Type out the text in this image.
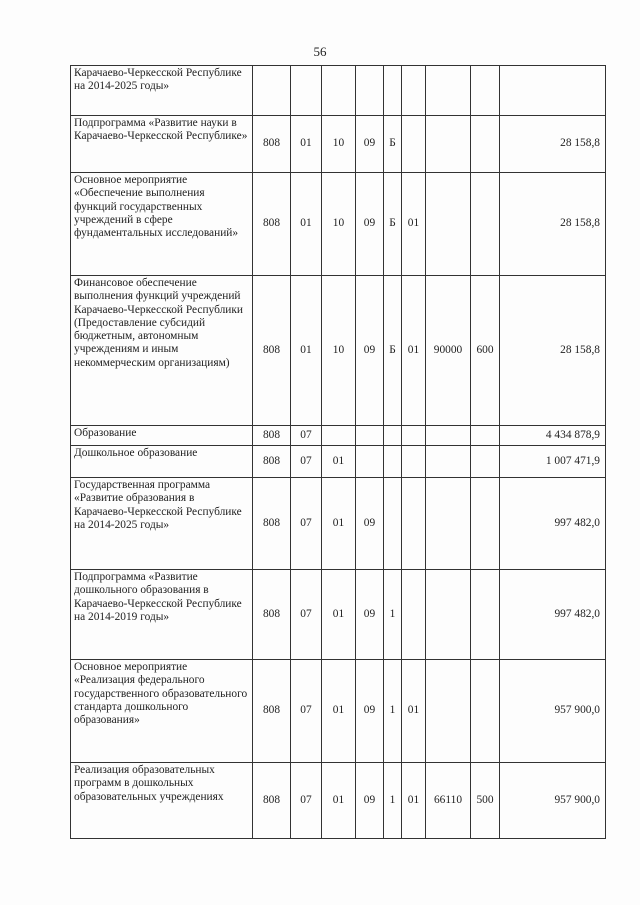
56
Карачаево-Черкесской Республике на 2014-2025 годы»									
Подпрограмма «Развитие науки в Карачаево-Черкесской Республике»	808	01	10	09	Б				28 158,8
Основное мероприятие «Обеспечение выполнения функций государственных учреждений в сфере фундаментальных исследований»	808	01	10	09	Б	01			28 158,8
Финансовое обеспечение выполнения функций учреждений Карачаево-Черкесской Республики (Предоставление субсидий бюджетным, автономным учреждениям и иным некоммерческим организациям)	808	01	10	09	Б	01	90000	600	28 158,8
Образование	808	07							4 434 878,9
Дошкольное образование	808	07	01						1 007 471,9
Государственная программа «Развитие образования в Карачаево-Черкесской Республике на 2014-2025 годы»	808	07	01	09					997 482,0
Подпрограмма «Развитие дошкольного образования в Карачаево-Черкесской Республике на 2014-2019 годы»	808	07	01	09	1				997 482,0
Основное мероприятие «Реализация федерального государственного образовательного стандарта дошкольного образования»	808	07	01	09	1	01			957 900,0
Реализация образовательных программ в дошкольных образовательных учреждениях	808	07	01	09	1	01	66110	500	957 900,0
